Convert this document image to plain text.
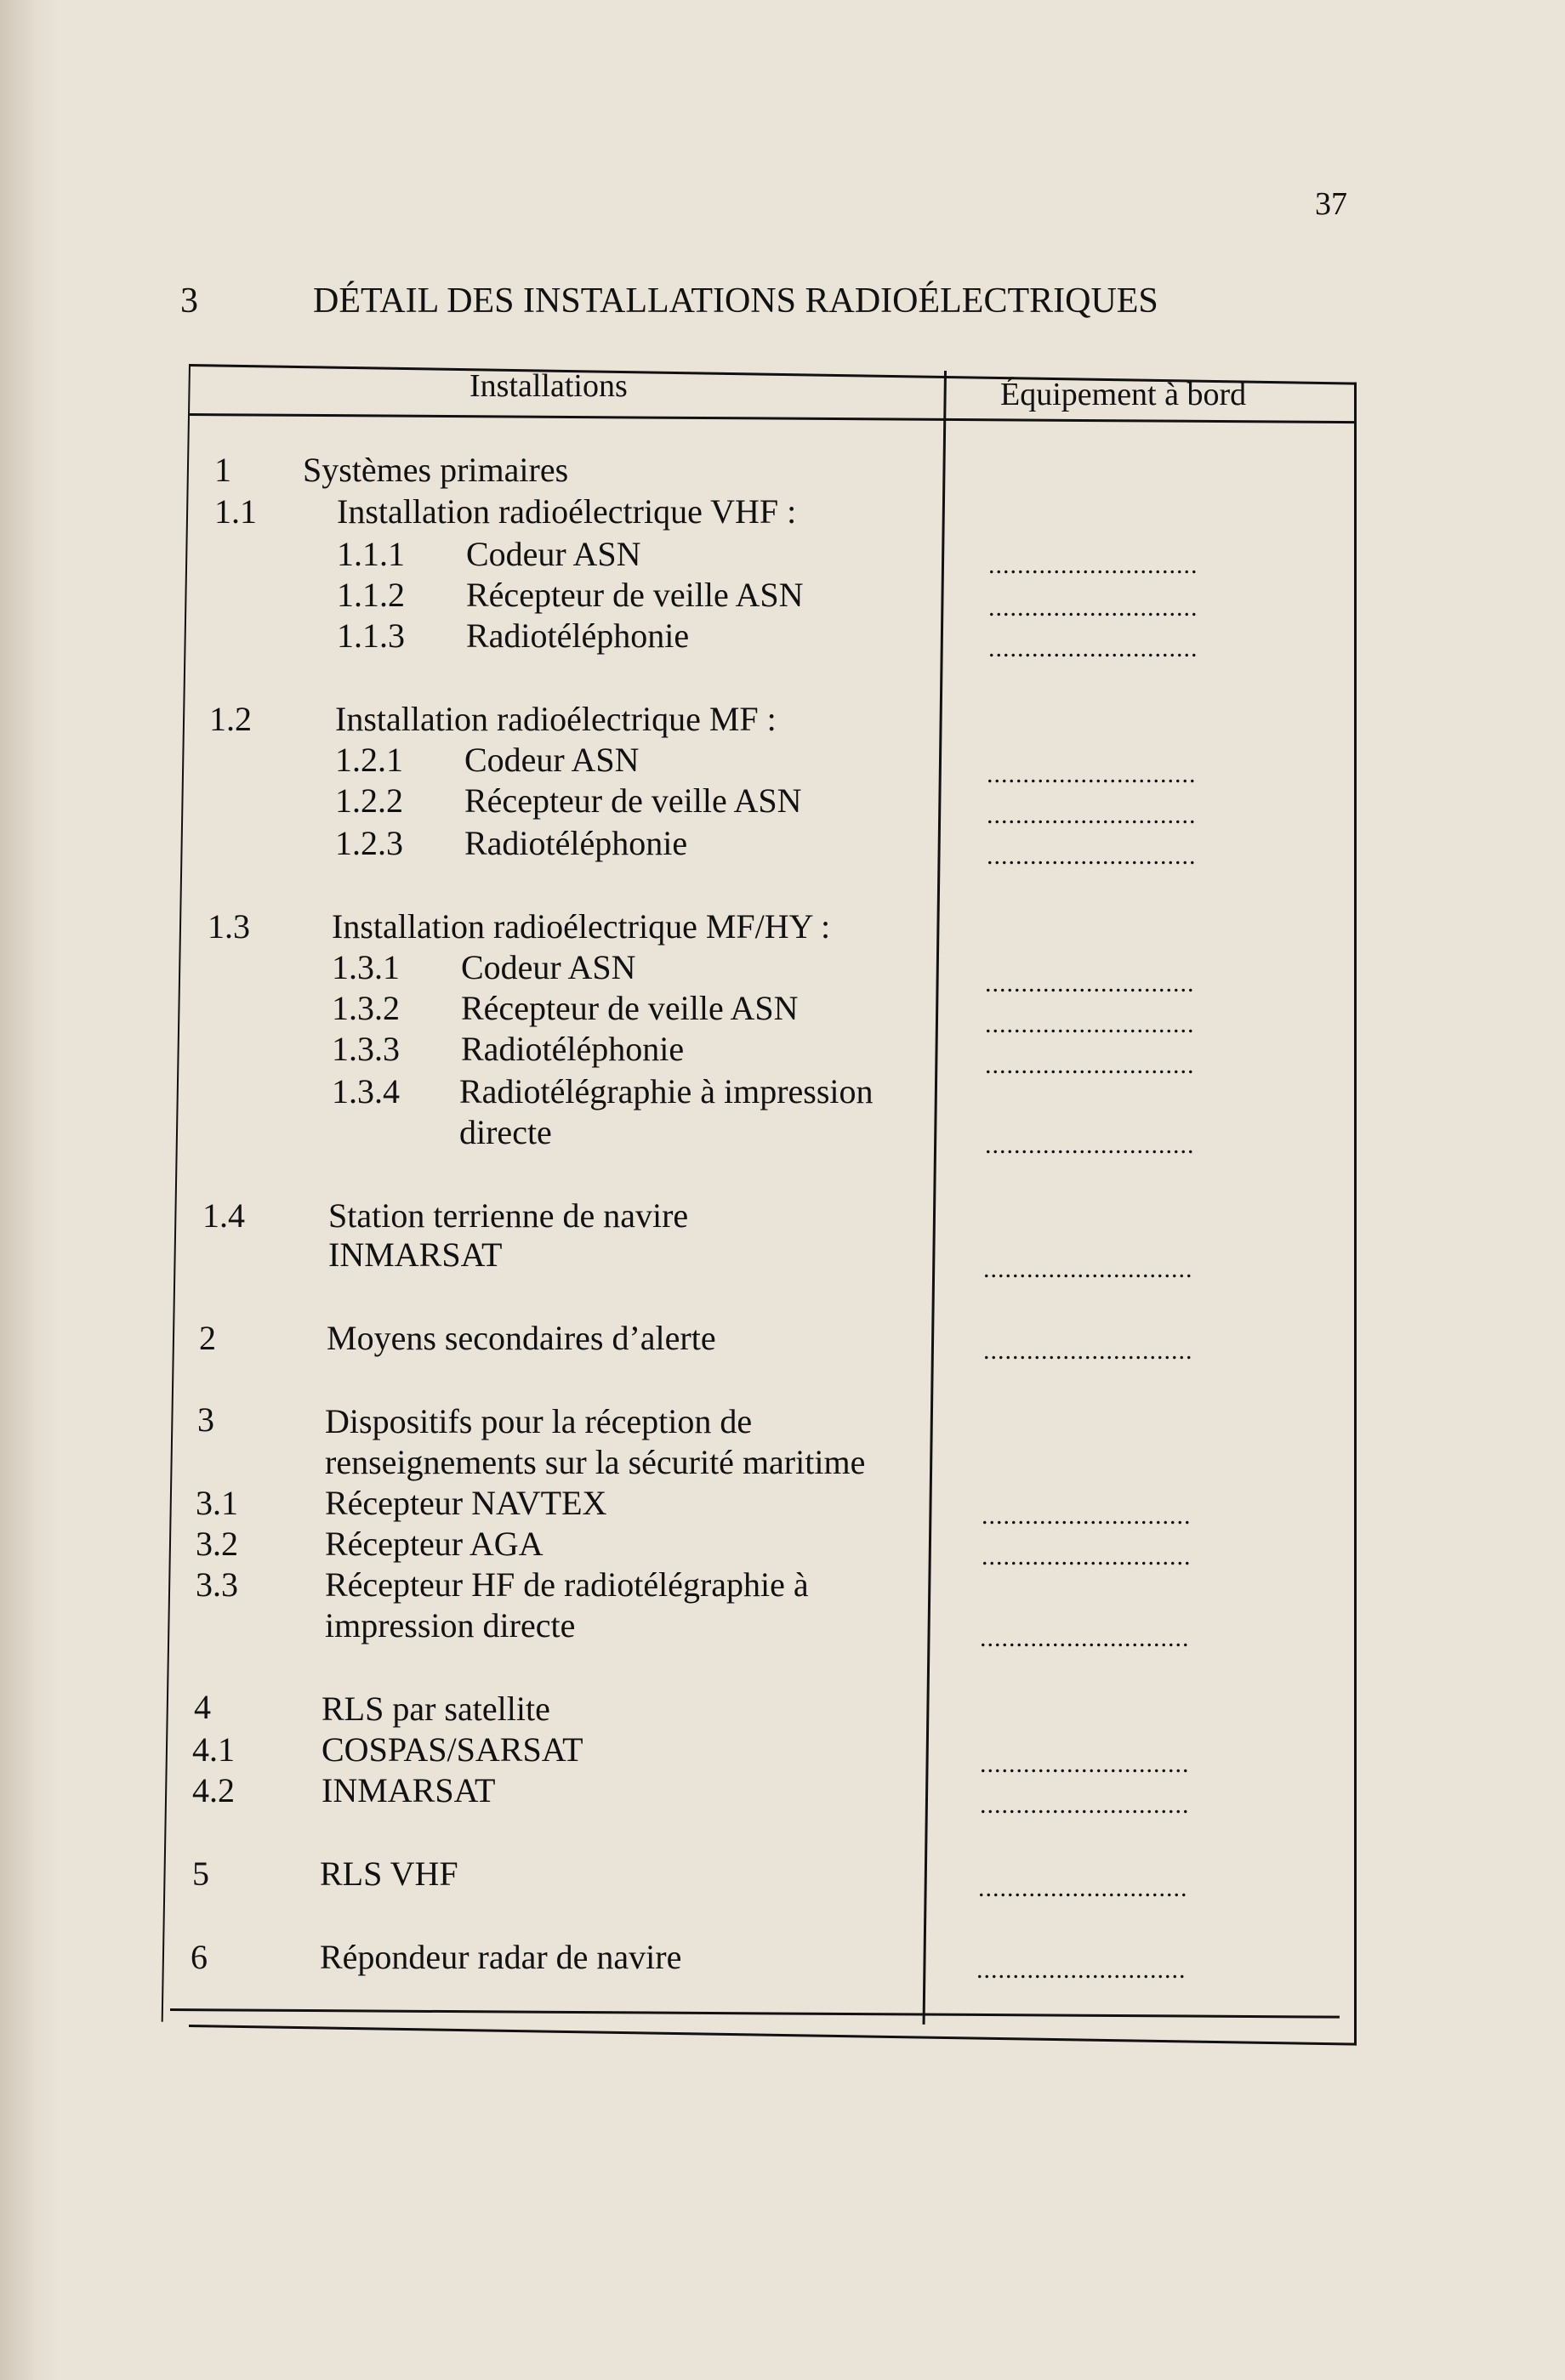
37
3	DÉTAIL DES INSTALLATIONS RADIOÉLECTRIQUES
Installations	Équipement à bord
1 Systèmes primaires
1.1 Installation radioélectrique VHF :
1.1.1 Codeur ASN	.............................
1.1.2 Récepteur de veille ASN	.............................
1.1.3 Radiotéléphonie	.............................
1.2 Installation radioélectrique MF :
1.2.1 Codeur ASN	.............................
1.2.2 Récepteur de veille ASN	.............................
1.2.3 Radiotéléphonie	.............................
1.3 Installation radioélectrique MF/HY :
1.3.1 Codeur ASN	.............................
1.3.2 Récepteur de veille ASN	.............................
1.3.3 Radiotéléphonie	.............................
1.3.4 Radiotélégraphie à impression
directe	.............................
1.4 Station terrienne de navire
INMARSAT	.............................
2	Moyens secondaires d’alerte	.............................
3	Dispositifs pour la réception de
renseignements sur la sécurité maritime
3.1	Récepteur NAVTEX	.............................
3.2	Récepteur AGA	.............................
3.3	Récepteur HF de radiotélégraphie à
impression directe	.............................
4	RLS par satellite
4.1	COSPAS/SARSAT	.............................
4.2	INMARSAT	.............................
5	RLS VHF	.............................
6	Répondeur radar de navire	.............................
